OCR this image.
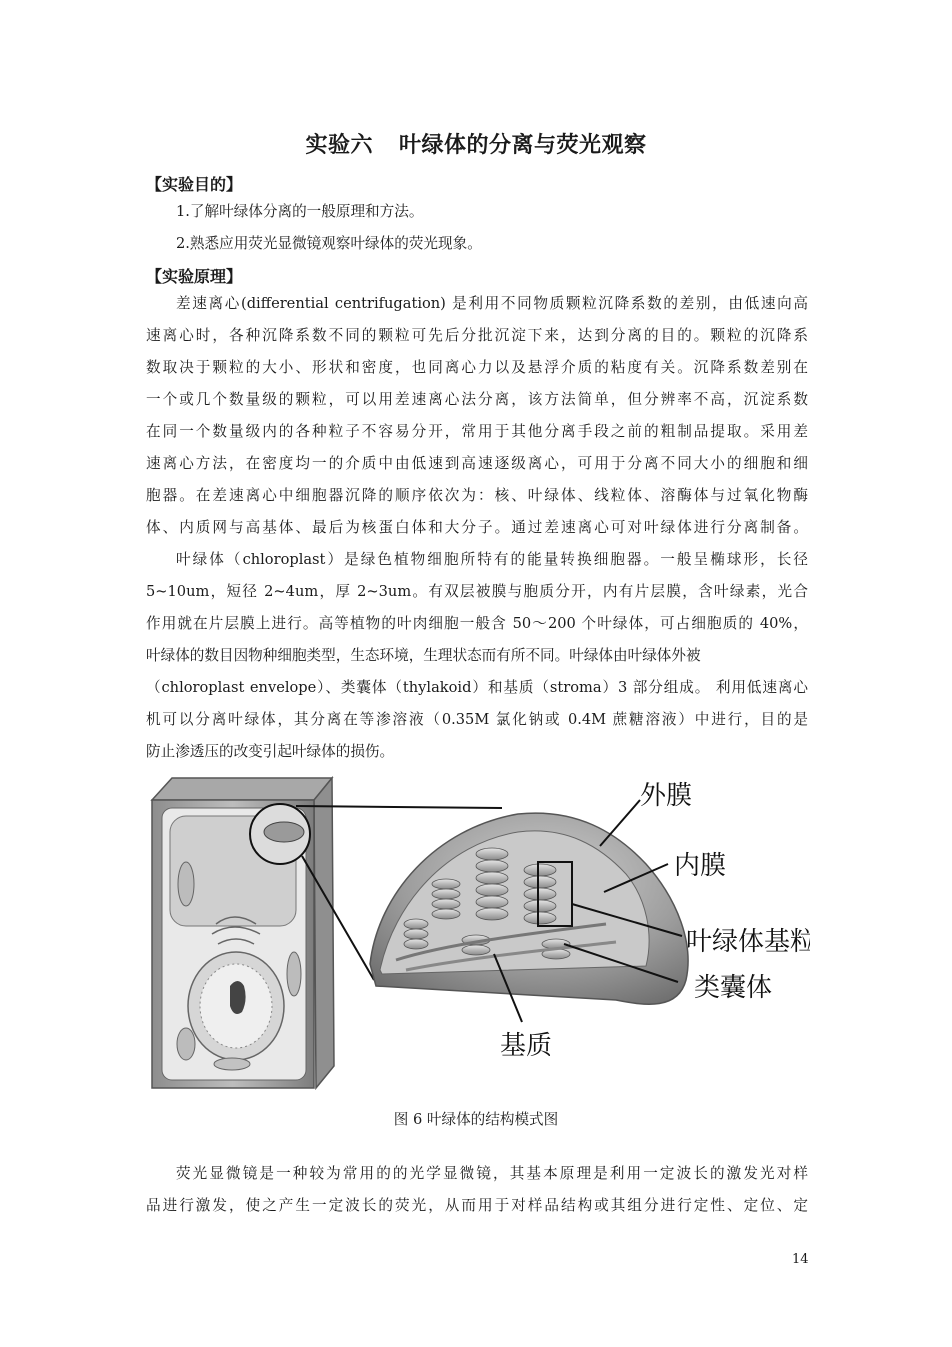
实验六 叶绿体的分离与荧光观察
【实验目的】
1.了解叶绿体分离的一般原理和方法。
2.熟悉应用荧光显微镜观察叶绿体的荧光现象。
【实验原理】
差速离心(differential centrifugation) 是利用不同物质颗粒沉降系数的差别，由低速向高
速离心时，各种沉降系数不同的颗粒可先后分批沉淀下来，达到分离的目的。颗粒的沉降系
数取决于颗粒的大小、形状和密度，也同离心力以及悬浮介质的粘度有关。沉降系数差别在
一个或几个数量级的颗粒，可以用差速离心法分离，该方法简单，但分辨率不高，沉淀系数
在同一个数量级内的各种粒子不容易分开，常用于其他分离手段之前的粗制品提取。采用差
速离心方法，在密度均一的介质中由低速到高速逐级离心，可用于分离不同大小的细胞和细
胞器。在差速离心中细胞器沉降的顺序依次为：核、叶绿体、线粒体、溶酶体与过氧化物酶
体、内质网与高基体、最后为核蛋白体和大分子。通过差速离心可对叶绿体进行分离制备。
叶绿体（chloroplast）是绿色植物细胞所特有的能量转换细胞器。一般呈椭球形，长径
5~10um，短径 2~4um，厚 2~3um。有双层被膜与胞质分开，内有片层膜，含叶绿素，光合
作用就在片层膜上进行。高等植物的叶肉细胞一般含 50～200 个叶绿体，可占细胞质的 40%，
叶绿体的数目因物种细胞类型，生态环境，生理状态而有所不同。叶绿体由叶绿体外被
（chloroplast envelope）、类囊体（thylakoid）和基质（stroma）3 部分组成。 利用低速离心
机可以分离叶绿体，其分离在等渗溶液（0.35M 氯化钠或 0.4M 蔗糖溶液）中进行，目的是
防止渗透压的改变引起叶绿体的损伤。
外膜
内膜
叶绿体基粒
类囊体
基质
图 6 叶绿体的结构模式图
荧光显微镜是一种较为常用的的光学显微镜，其基本原理是利用一定波长的激发光对样
品进行激发，使之产生一定波长的荧光，从而用于对样品结构或其组分进行定性、定位、定
14
